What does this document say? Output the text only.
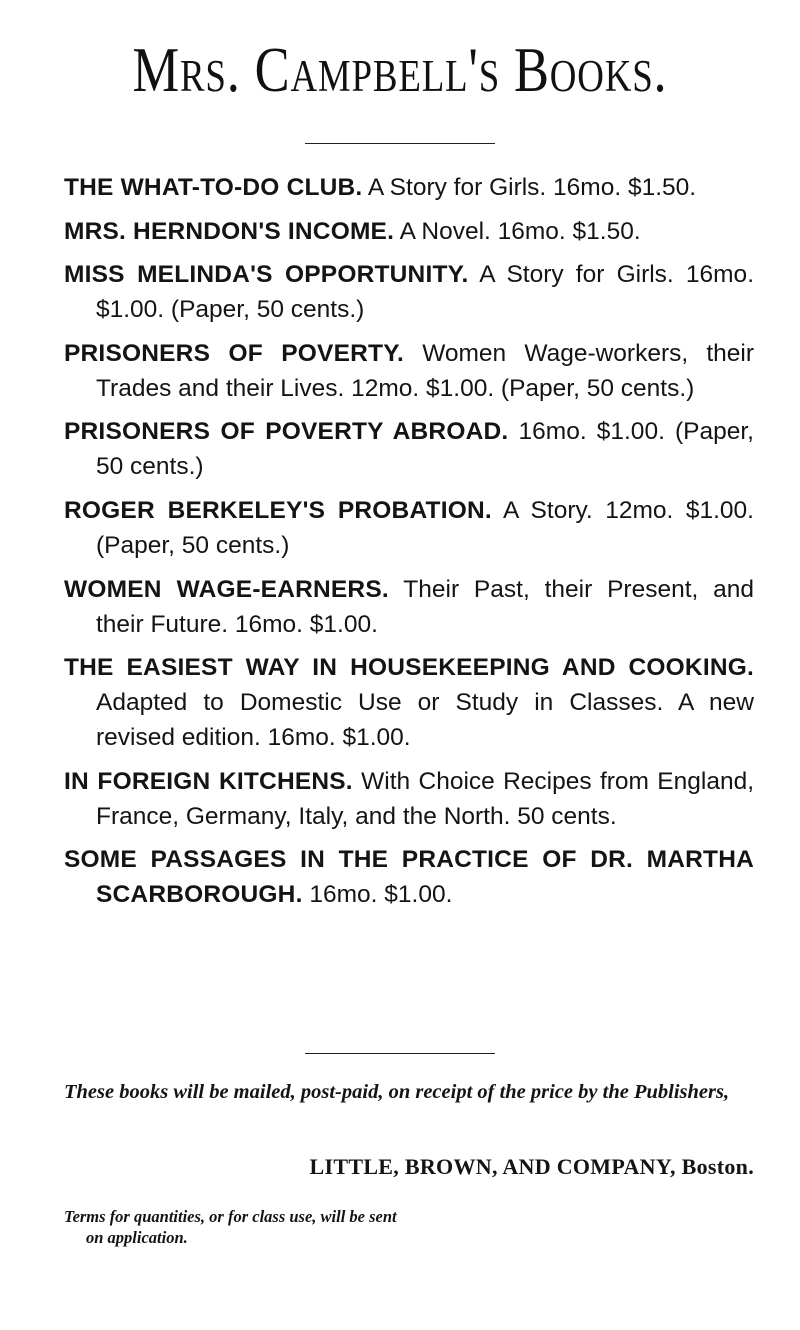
Mrs. Campbell's Books.
THE WHAT-TO-DO CLUB. A Story for Girls. 16mo. $1.50.
MRS. HERNDON'S INCOME. A Novel. 16mo. $1.50.
MISS MELINDA'S OPPORTUNITY. A Story for Girls. 16mo. $1.00. (Paper, 50 cents.)
PRISONERS OF POVERTY. Women Wage-workers, their Trades and their Lives. 12mo. $1.00. (Paper, 50 cents.)
PRISONERS OF POVERTY ABROAD. 16mo. $1.00. (Paper, 50 cents.)
ROGER BERKELEY'S PROBATION. A Story. 12mo. $1.00. (Paper, 50 cents.)
WOMEN WAGE-EARNERS. Their Past, their Present, and their Future. 16mo. $1.00.
THE EASIEST WAY IN HOUSEKEEPING AND COOKING. Adapted to Domestic Use or Study in Classes. A new revised edition. 16mo. $1.00.
IN FOREIGN KITCHENS. With Choice Recipes from England, France, Germany, Italy, and the North. 50 cents.
SOME PASSAGES IN THE PRACTICE OF DR. MARTHA SCARBOROUGH. 16mo. $1.00.

These books will be mailed, post-paid, on receipt of the price by the Publishers,

LITTLE, BROWN, AND COMPANY, Boston.

Terms for quantities, or for class use, will be sent on application.
